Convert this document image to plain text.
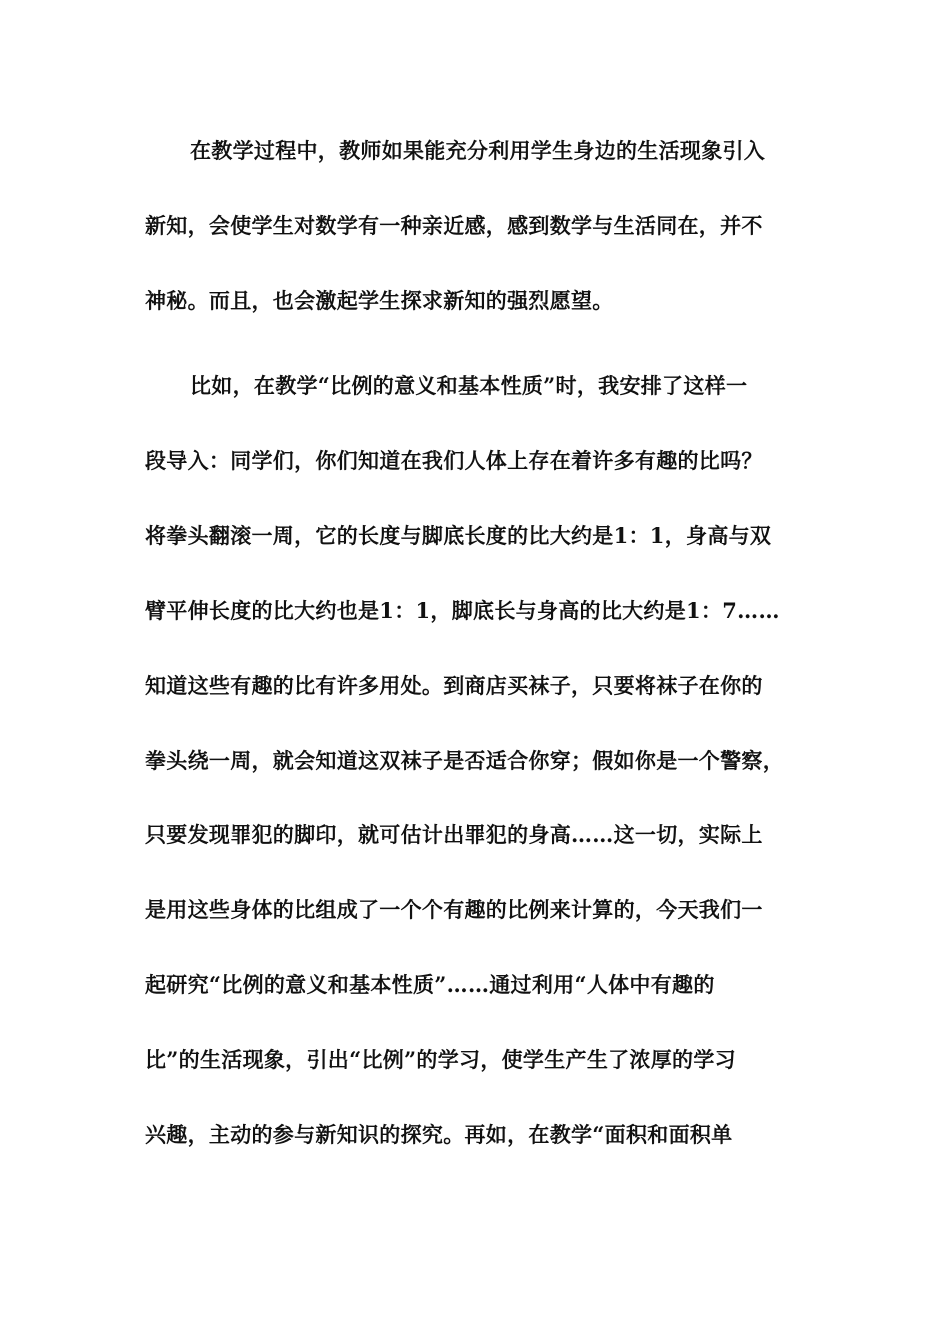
在教学过程中，教师如果能充分利用学生身边的生活现象引入
新知，会使学生对数学有一种亲近感，感到数学与生活同在，并不
神秘。而且，也会激起学生探求新知的强烈愿望。
比如，在教学“比例的意义和基本性质”时，我安排了这样一
段导入：同学们，你们知道在我们人体上存在着许多有趣的比吗？
将拳头翻滚一周，它的长度与脚底长度的比大约是1：1，身高与双
臂平伸长度的比大约也是1：1，脚底长与身高的比大约是1：7……
知道这些有趣的比有许多用处。到商店买袜子，只要将袜子在你的
拳头绕一周，就会知道这双袜子是否适合你穿；假如你是一个警察，
只要发现罪犯的脚印，就可估计出罪犯的身高……这一切，实际上
是用这些身体的比组成了一个个有趣的比例来计算的，今天我们一
起研究“比例的意义和基本性质”……通过利用“人体中有趣的
比”的生活现象，引出“比例”的学习，使学生产生了浓厚的学习
兴趣，主动的参与新知识的探究。再如，在教学“面积和面积单
